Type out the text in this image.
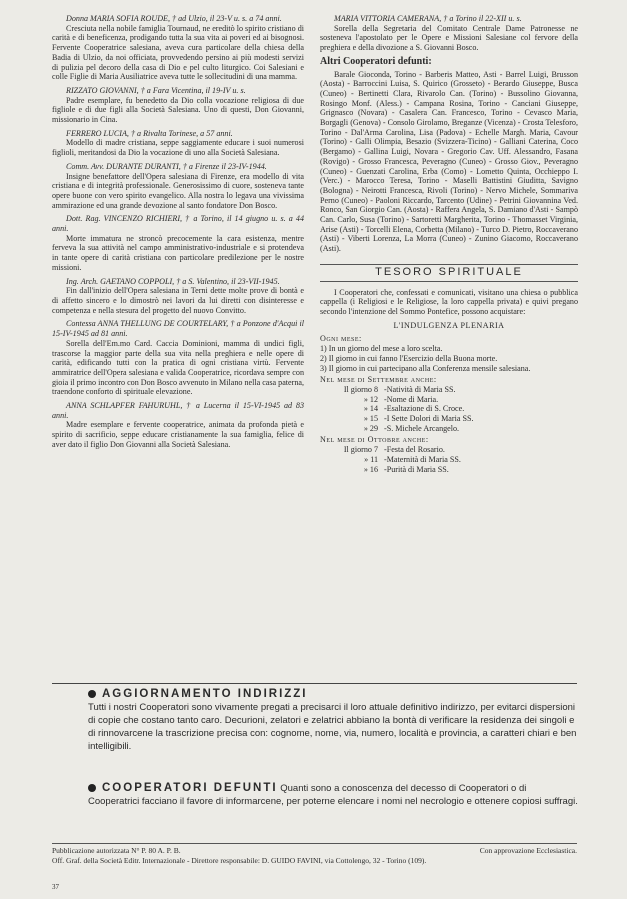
Donna MARIA SOFIA ROUDE, † ad Ulzio, il 23-V u. s. a 74 anni.

Cresciuta nella nobile famiglia Tournaud, ne ereditò lo spirito cristiano di carità e di beneficenza, prodigando tutta la sua vita ai poveri ed ai bisognosi. Fervente Cooperatrice salesiana, aveva cura particolare della chiesa della Badia di Ulzio, da noi officiata, provvedendo persino ai più modesti servizi di pulizia pel decoro della casa di Dio e pel culto liturgico. Coi Salesiani e colle Figlie di Maria Ausiliatrice aveva tutte le sollecitudini di una mamma.

RIZZATO GIOVANNI, † a Fara Vicentina, il 19-IV u. s.

Padre esemplare, fu benedetto da Dio colla vocazione religiosa di due figliole e di due figli alla Società Salesiana. Uno di questi, Don Giovanni, missionario in Cina.

FERRERO LUCIA, † a Rivalta Torinese, a 57 anni.

Modello di madre cristiana, seppe saggiamente educare i suoi numerosi figlioli, meritandosi da Dio la vocazione di uno alla Società Salesiana.

Comm. Avv. DURANTE DURANTI, † a Firenze il 23-IV-1944.

Insigne benefattore dell'Opera salesiana di Firenze, era modello di vita cristiana e di integrità professionale. Generosissimo di cuore, sosteneva tante opere buone con vero spirito evangelico. Alla nostra lo legava una vivissima ammirazione ed una grande devozione al santo fondatore Don Bosco.

Dott. Rag. VINCENZO RICHIERI, † a Torino, il 14 giugno u. s. a 44 anni.

Morte immatura ne stroncò precocemente la cara esistenza, mentre ferveva la sua attività nel campo amministrativo-industriale e si protendeva in tante opere di carità cristiana con particolare predilezione per le nostre missioni.

Ing. Arch. GAETANO COPPOLI, † a S. Valentino, il 23-VII-1945.

Fin dall'inizio dell'Opera salesiana in Terni dette molte prove di bontà e di affetto sincero e lo dimostrò nei lavori da lui diretti con disinteresse e competenza e nella stesura del progetto del nuovo Convitto.

Contessa ANNA THELLUNG DE COURTELARY, † a Ponzone d'Acqui il 15-IV-1945 ad 81 anni.

Sorella dell'Em.mo Card. Caccia Dominioni, mamma di undici figli, trascorse la maggior parte della sua vita nella preghiera e nelle opere di carità, edificando tutti con la pratica di ogni cristiana virtù. Fervente ammiratrice dell'Opera salesiana e valida Cooperatrice, ricordava sempre con gioia il primo incontro con Don Bosco avvenuto in Milano nella casa paterna, traendone conforto di spirituale elevazione.

ANNA SCHLAPFER FAHURUHL, † a Lucerna il 15-VI-1945 ad 83 anni.

Madre esemplare e fervente cooperatrice, animata da profonda pietà e spirito di sacrificio, seppe educare cristianamente la sua famiglia, felice di aver dato il figlio Don Giovanni alla Società Salesiana.

MARIA VITTORIA CAMERANA, † a Torino il 22-XII u. s.

Sorella della Segretaria del Comitato Centrale Dame Patronesse ne sosteneva l'apostolato per le Opere e Missioni Salesiane col fervore della preghiera e della divozione a S. Giovanni Bosco.

Altri Cooperatori defunti:

Barale Gioconda, Torino - Barberis Matteo, Asti - Barrel Luigi, Brusson (Aosta) - Barroccini Luisa, S. Quirico (Grosseto) - Berardo Giuseppe, Busca (Cuneo) - Bertinetti Clara, Rivarolo Can. (Torino) - Bussolino Giovanna, Rosingo Monf. (Aless.) - Campana Rosina, Torino - Canciani Giuseppe, Grignasco (Novara) - Casalera Can. Francesco, Torino - Cevasco Maria, Borgagli (Genova) - Consolo Girolamo, Breganze (Vicenza) - Crosta Telesforo, Torino - Dal'Arma Carolina, Lisa (Padova) - Echelle Margh. Maria, Cavour (Torino) - Galli Olimpia, Besazio (Svizzera-Ticino) - Galliani Caterina, Coco (Bergamo) - Gallina Luigi, Novara - Gregorio Cav. Uff. Alessandro, Fasana (Rovigo) - Grosso Francesca, Peveragno (Cuneo) - Grosso Giov., Peveragno (Cuneo) - Guenzati Carolina, Erba (Como) - Lometto Quinta, Occhieppo I. (Verc.) - Marocco Teresa, Torino - Maselli Battistini Giuditta, Savigno (Bologna) - Neirotti Francesca, Rivoli (Torino) - Nervo Michele, Sommariva Perno (Cuneo) - Paoloni Riccardo, Tarcento (Udine) - Petrini Giovannina Ved. Ronco, San Giorgio Can. (Aosta) - Raffera Angela, S. Damiano d'Asti - Sampò Can. Carlo, Susa (Torino) - Sartoretti Margherita, Torino - Thomasset Virginia, Arise (Asti) - Torcelli Elena, Corbetta (Milano) - Turco D. Pietro, Roccaverano (Asti) - Viberti Lorenza, La Morra (Cuneo) - Zunino Giacomo, Roccaverano (Asti).

TESORO SPIRITUALE

I Cooperatori che, confessati e comunicati, visitano una chiesa o pubblica cappella (i Religiosi e le Religiose, la loro cappella privata) e quivi pregano secondo l'intenzione del Sommo Pontefice, possono acquistare:

L'INDULGENZA PLENARIA
Ogni mese:
1) In un giorno del mese a loro scelta.
2) Il giorno in cui fanno l'Esercizio della Buona morte.
3) Il giorno in cui partecipano alla Conferenza mensile salesiana.
Nel mese di Settembre anche:
Il giorno 8 - Natività di Maria SS.
» 12 - Nome di Maria.
» 14 - Esaltazione di S. Croce.
» 15 - I Sette Dolori di Maria SS.
» 29 - S. Michele Arcangelo.
Nel mese di Ottobre anche:
Il giorno 7 - Festa del Rosario.
» 11 - Maternità di Maria SS.
» 16 - Purità di Maria SS.
AGGIORNAMENTO INDIRIZZI
Tutti i nostri Cooperatori sono vivamente pregati a precisarci il loro attuale definitivo indirizzo, per evitarci dispersioni di copie che costano tanto caro. Decurioni, zelatori e zelatrici abbiano la bontà di verificare la residenza dei singoli e di rinnovarcene la trascrizione precisa con: cognome, nome, via, numero, località e provincia, a caratteri chiari e ben intelligibili.
COOPERATORI DEFUNTI Quanti sono a conoscenza del decesso di Cooperatori o di Cooperatrici facciano il favore di informarcene, per poterne elencare i nomi nel necrologio e ottenere copiosi suffragi.
Pubblicazione autorizzata N° P. 80 A. P. B.	Con approvazione Ecclesiastica.
Off. Graf. della Società Editr. Internazionale - Direttore responsabile: D. GUIDO FAVINI, via Cottolengo, 32 - Torino (109).
37
